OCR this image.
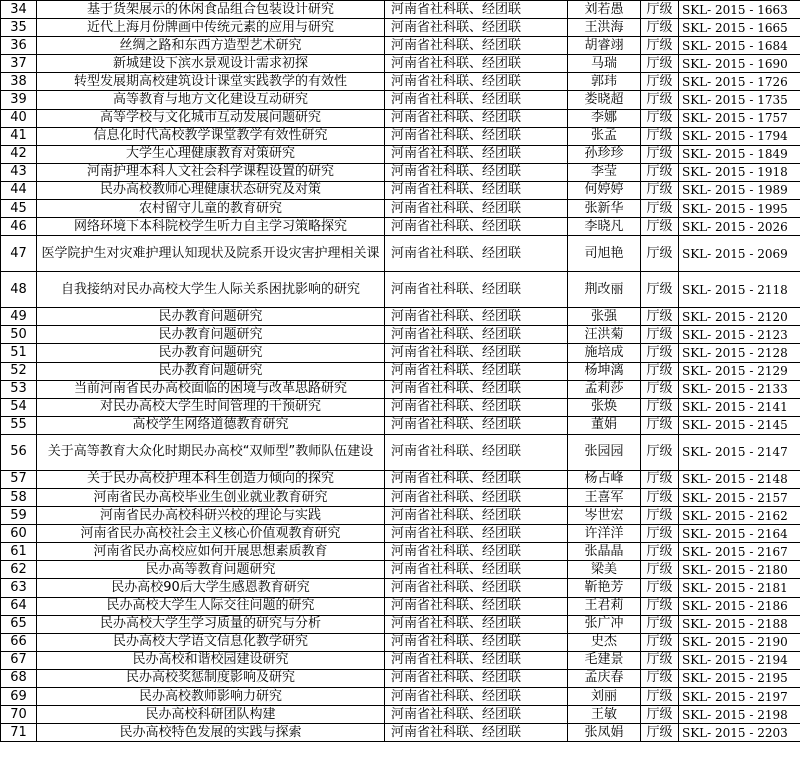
34	基于货架展示的休闲食品组合包装设计研究	河南省社科联、经团联	刘若愚	厅级	SKL- 2015 - 1663
35	近代上海月份牌画中传统元素的应用与研究	河南省社科联、经团联	王洪海	厅级	SKL- 2015 - 1665
36	丝绸之路和东西方造型艺术研究	河南省社科联、经团联	胡睿翊	厅级	SKL- 2015 - 1684
37	新城建设下滨水景观设计需求初探	河南省社科联、经团联	马瑞	厅级	SKL- 2015 - 1690
38	转型发展期高校建筑设计课堂实践教学的有效性	河南省社科联、经团联	郭玮	厅级	SKL- 2015 - 1726
39	高等教育与地方文化建设互动研究	河南省社科联、经团联	娄晓超	厅级	SKL- 2015 - 1735
40	高等学校与文化城市互动发展问题研究	河南省社科联、经团联	李娜	厅级	SKL- 2015 - 1757
41	信息化时代高校教学课堂教学有效性研究	河南省社科联、经团联	张孟	厅级	SKL- 2015 - 1794
42	大学生心理健康教育对策研究	河南省社科联、经团联	孙珍珍	厅级	SKL- 2015 - 1849
43	河南护理本科人文社会科学课程设置的研究	河南省社科联、经团联	李莹	厅级	SKL- 2015 - 1918
44	民办高校教师心理健康状态研究及对策	河南省社科联、经团联	何婷婷	厅级	SKL- 2015 - 1989
45	农村留守儿童的教育研究	河南省社科联、经团联	张新华	厅级	SKL- 2015 - 1995
46	网络环境下本科院校学生听力自主学习策略探究	河南省社科联、经团联	李晓凡	厅级	SKL- 2015 - 2026
47	医学院护生对灾难护理认知现状及院系开设灾害护理相关课	河南省社科联、经团联	司旭艳	厅级	SKL- 2015 - 2069
48	自我接纳对民办高校大学生人际关系困扰影响的研究	河南省社科联、经团联	荆改丽	厅级	SKL- 2015 - 2118
49	民办教育问题研究	河南省社科联、经团联	张强	厅级	SKL- 2015 - 2120
50	民办教育问题研究	河南省社科联、经团联	汪洪菊	厅级	SKL- 2015 - 2123
51	民办教育问题研究	河南省社科联、经团联	施培成	厅级	SKL- 2015 - 2128
52	民办教育问题研究	河南省社科联、经团联	杨坤漓	厅级	SKL- 2015 - 2129
53	当前河南省民办高校面临的困境与改革思路研究	河南省社科联、经团联	孟莉莎	厅级	SKL- 2015 - 2133
54	对民办高校大学生时间管理的干预研究	河南省社科联、经团联	张焕	厅级	SKL- 2015 - 2141
55	高校学生网络道德教育研究	河南省社科联、经团联	董娟	厅级	SKL- 2015 - 2145
56	关于高等教育大众化时期民办高校“双师型”教师队伍建设	河南省社科联、经团联	张园园	厅级	SKL- 2015 - 2147
57	关于民办高校护理本科生创造力倾向的探究	河南省社科联、经团联	杨占峰	厅级	SKL- 2015 - 2148
58	河南省民办高校毕业生创业就业教育研究	河南省社科联、经团联	王喜军	厅级	SKL- 2015 - 2157
59	河南省民办高校科研兴校的理论与实践	河南省社科联、经团联	岑世宏	厅级	SKL- 2015 - 2162
60	河南省民办高校社会主义核心价值观教育研究	河南省社科联、经团联	许洋洋	厅级	SKL- 2015 - 2164
61	河南省民办高校应如何开展思想素质教育	河南省社科联、经团联	张晶晶	厅级	SKL- 2015 - 2167
62	民办高等教育问题研究	河南省社科联、经团联	梁美	厅级	SKL- 2015 - 2180
63	民办高校90后大学生感恩教育研究	河南省社科联、经团联	靳艳芳	厅级	SKL- 2015 - 2181
64	民办高校大学生人际交往问题的研究	河南省社科联、经团联	王君莉	厅级	SKL- 2015 - 2186
65	民办高校大学生学习质量的研究与分析	河南省社科联、经团联	张广冲	厅级	SKL- 2015 - 2188
66	民办高校大学语文信息化教学研究	河南省社科联、经团联	史杰	厅级	SKL- 2015 - 2190
67	民办高校和谐校园建设研究	河南省社科联、经团联	毛建景	厅级	SKL- 2015 - 2194
68	民办高校奖惩制度影响及研究	河南省社科联、经团联	孟庆春	厅级	SKL- 2015 - 2195
69	民办高校教师影响力研究	河南省社科联、经团联	刘丽	厅级	SKL- 2015 - 2197
70	民办高校科研团队构建	河南省社科联、经团联	王敏	厅级	SKL- 2015 - 2198
71	民办高校特色发展的实践与探索	河南省社科联、经团联	张凤娟	厅级	SKL- 2015 - 2203
